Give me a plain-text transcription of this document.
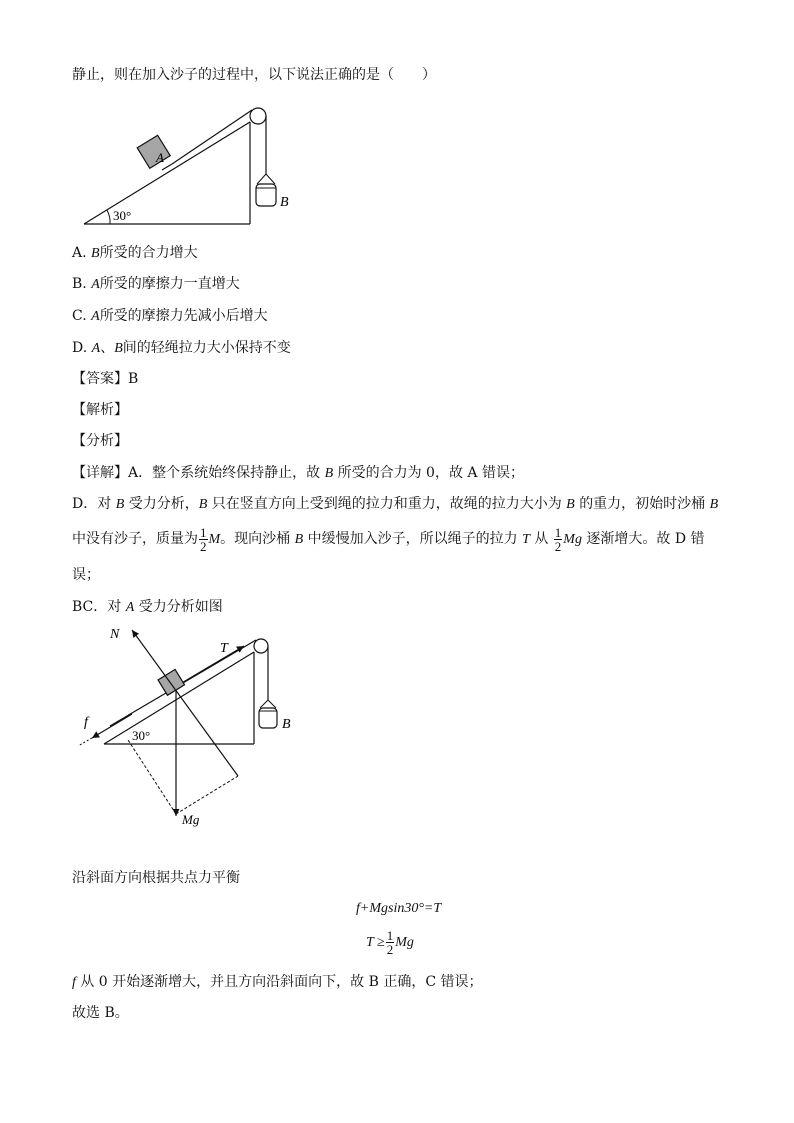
静止，则在加入沙子的过程中，以下说法正确的是（　　）
A
B
30°
A. B所受的合力增大
B. A所受的摩擦力一直增大
C. A所受的摩擦力先减小后增大
D. A、B间的轻绳拉力大小保持不变
【答案】B
【解析】
【分析】
【详解】A．整个系统始终保持静止，故 B 所受的合力为 0，故 A 错误；
D．对 B 受力分析，B 只在竖直方向上受到绳的拉力和重力，故绳的拉力大小为 B 的重力，初始时沙桶 B
中没有沙子，质量为 $\frac{1}{2}$ M。现向沙桶 B 中缓慢加入沙子，所以绳子的拉力 T 从 $\frac{1}{2}$ Mg 逐渐增大。故 D 错
误；
BC．对 A 受力分析如图
N
T
f
30°
B
Mg
沿斜面方向根据共点力平衡
f+Mgsin30°=T
$T \ge \frac{1}{2}$ Mg
f 从 0 开始逐渐增大，并且方向沿斜面向下，故 B 正确，C 错误；
故选 B。
